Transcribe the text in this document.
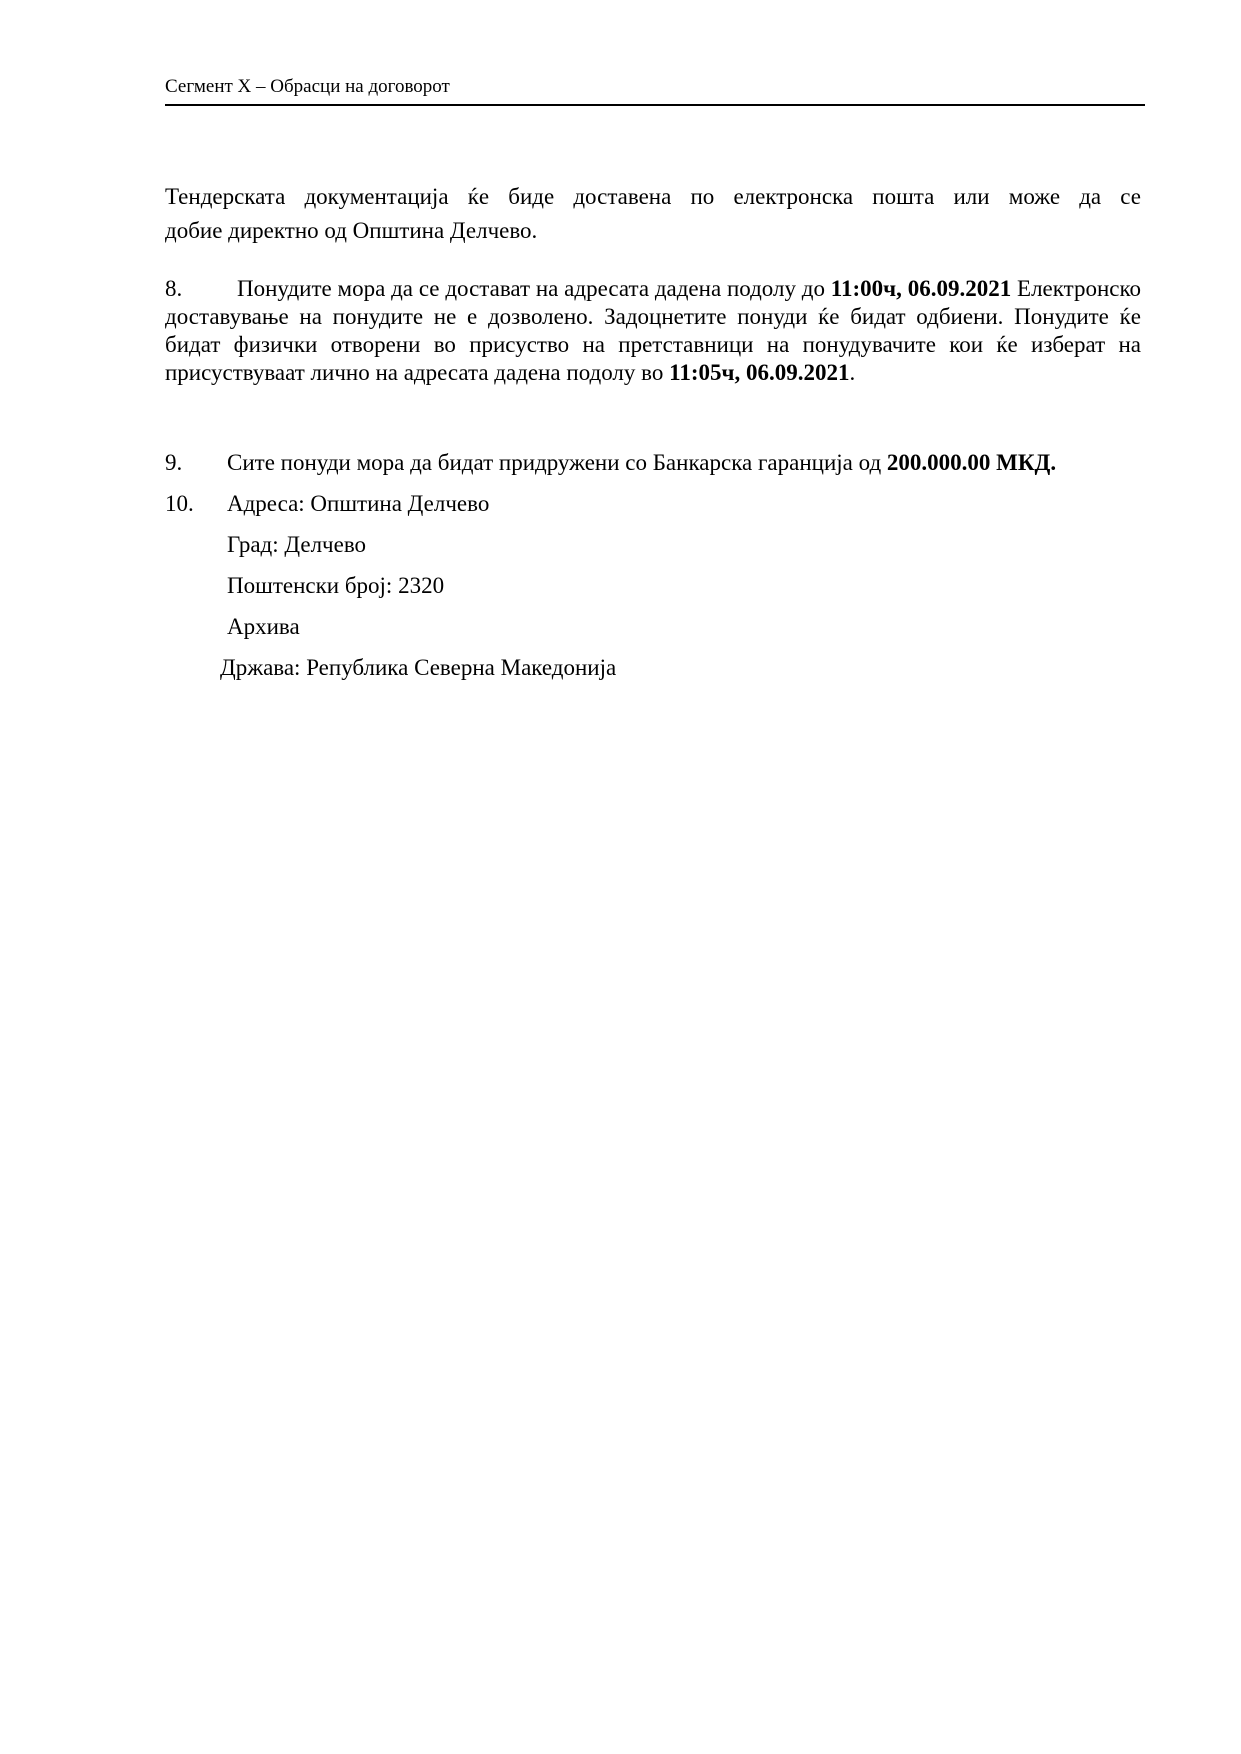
Сегмент X – Обрасци на договорот
Тендерската документација ќе биде доставена по електронска пошта или може да се
добие директно од Општина Делчево.
8. Понудите мора да се достават на адресата дадена подолу до 11:00ч, 06.09.2021 Електронско доставување на понудите не е дозволено. Задоцнетите понуди ќе бидат одбиени. Понудите ќе бидат физички отворени во присуство на претставници на понудувачите кои ќе изберат на присуствуваат лично на адресата дадена подолу во 11:05ч, 06.09.2021.
9. Сите понуди мора да бидат придружени со Банкарска гаранција од 200.000.00 МКД.
10. Адреса: Општина Делчево
Град: Делчево
Поштенски број: 2320
Архива
Држава: Република Северна Македонија
